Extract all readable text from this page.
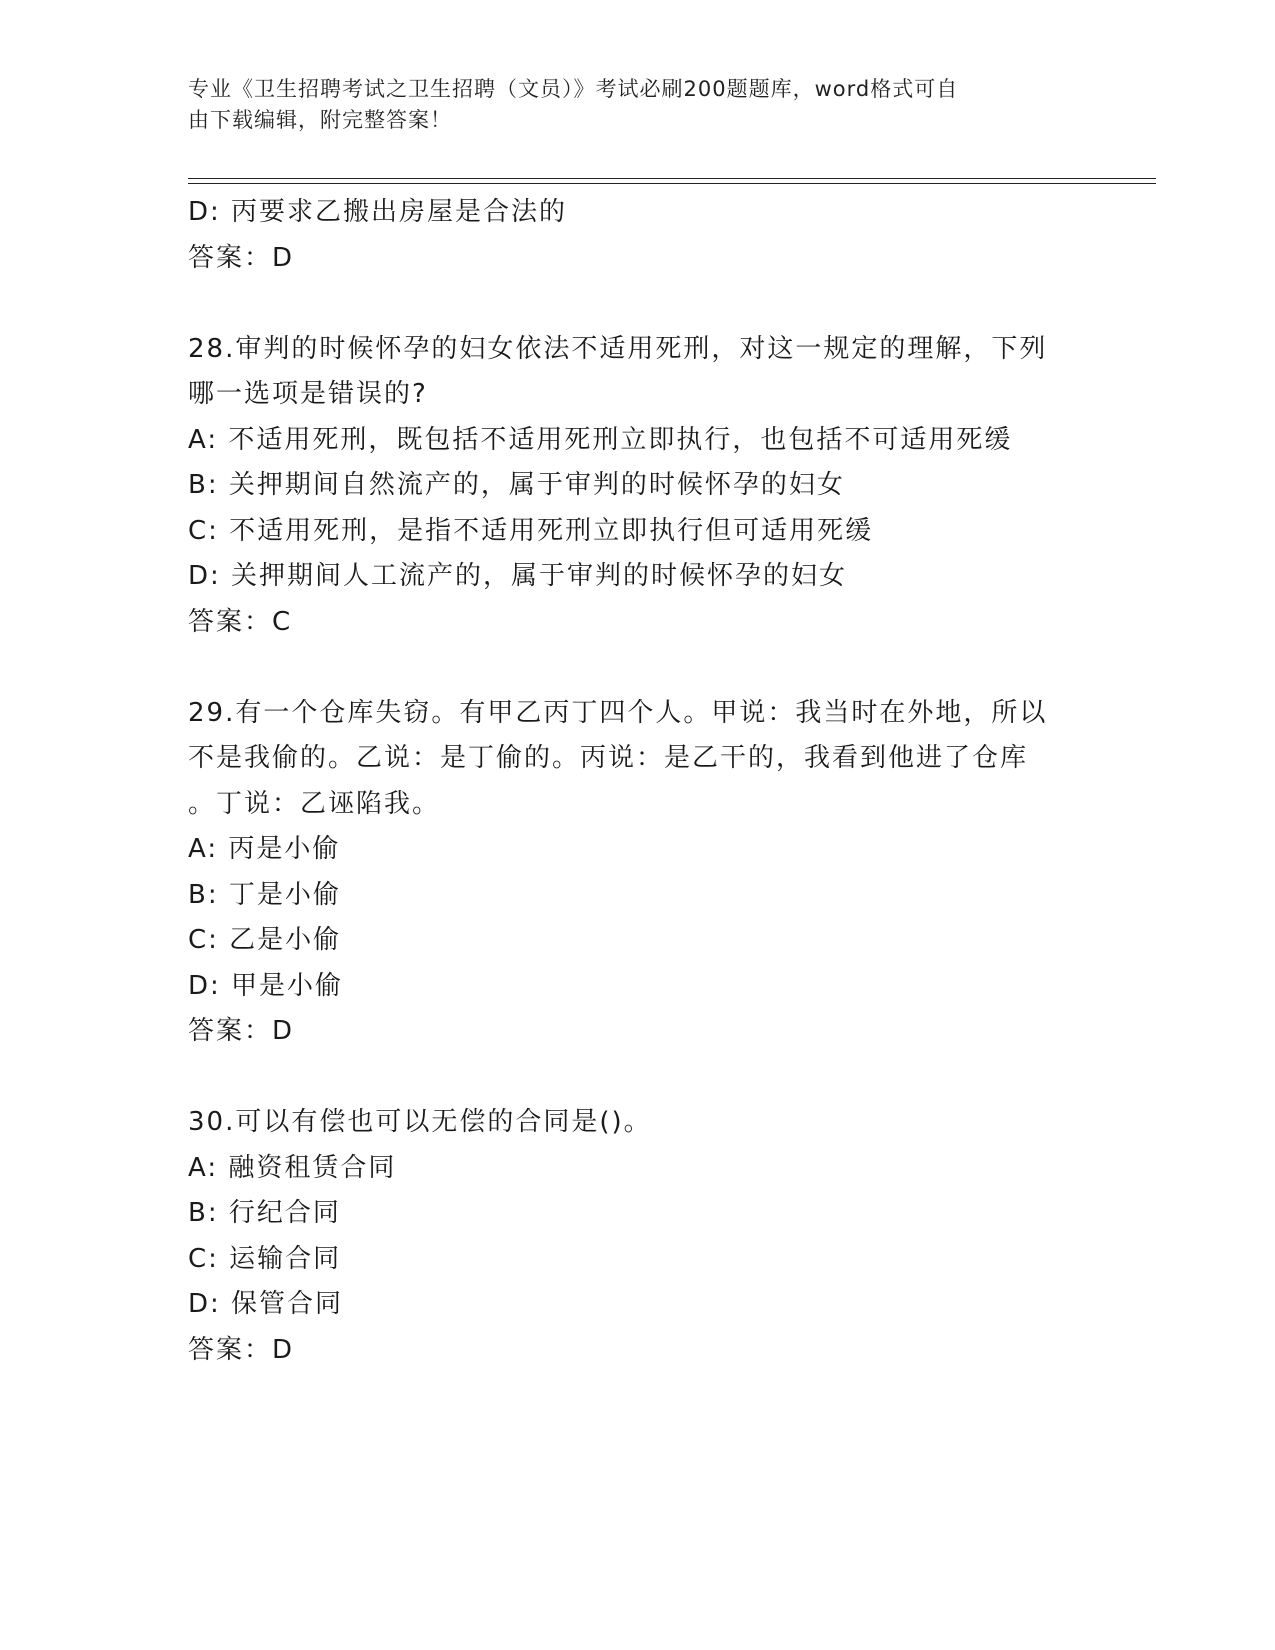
专业《卫生招聘考试之卫生招聘（文员）》考试必刷200题题库，word格式可自
由下载编辑，附完整答案！
D: 丙要求乙搬出房屋是合法的
答案：D
28.审判的时候怀孕的妇女依法不适用死刑，对这一规定的理解，下列
哪一选项是错误的?
A: 不适用死刑，既包括不适用死刑立即执行，也包括不可适用死缓
B: 关押期间自然流产的，属于审判的时候怀孕的妇女
C: 不适用死刑，是指不适用死刑立即执行但可适用死缓
D: 关押期间人工流产的，属于审判的时候怀孕的妇女
答案：C
29.有一个仓库失窃。有甲乙丙丁四个人。甲说：我当时在外地，所以
不是我偷的。乙说：是丁偷的。丙说：是乙干的，我看到他进了仓库
。丁说：乙诬陷我。
A: 丙是小偷
B: 丁是小偷
C: 乙是小偷
D: 甲是小偷
答案：D
30.可以有偿也可以无偿的合同是()。
A: 融资租赁合同
B: 行纪合同
C: 运输合同
D: 保管合同
答案：D
